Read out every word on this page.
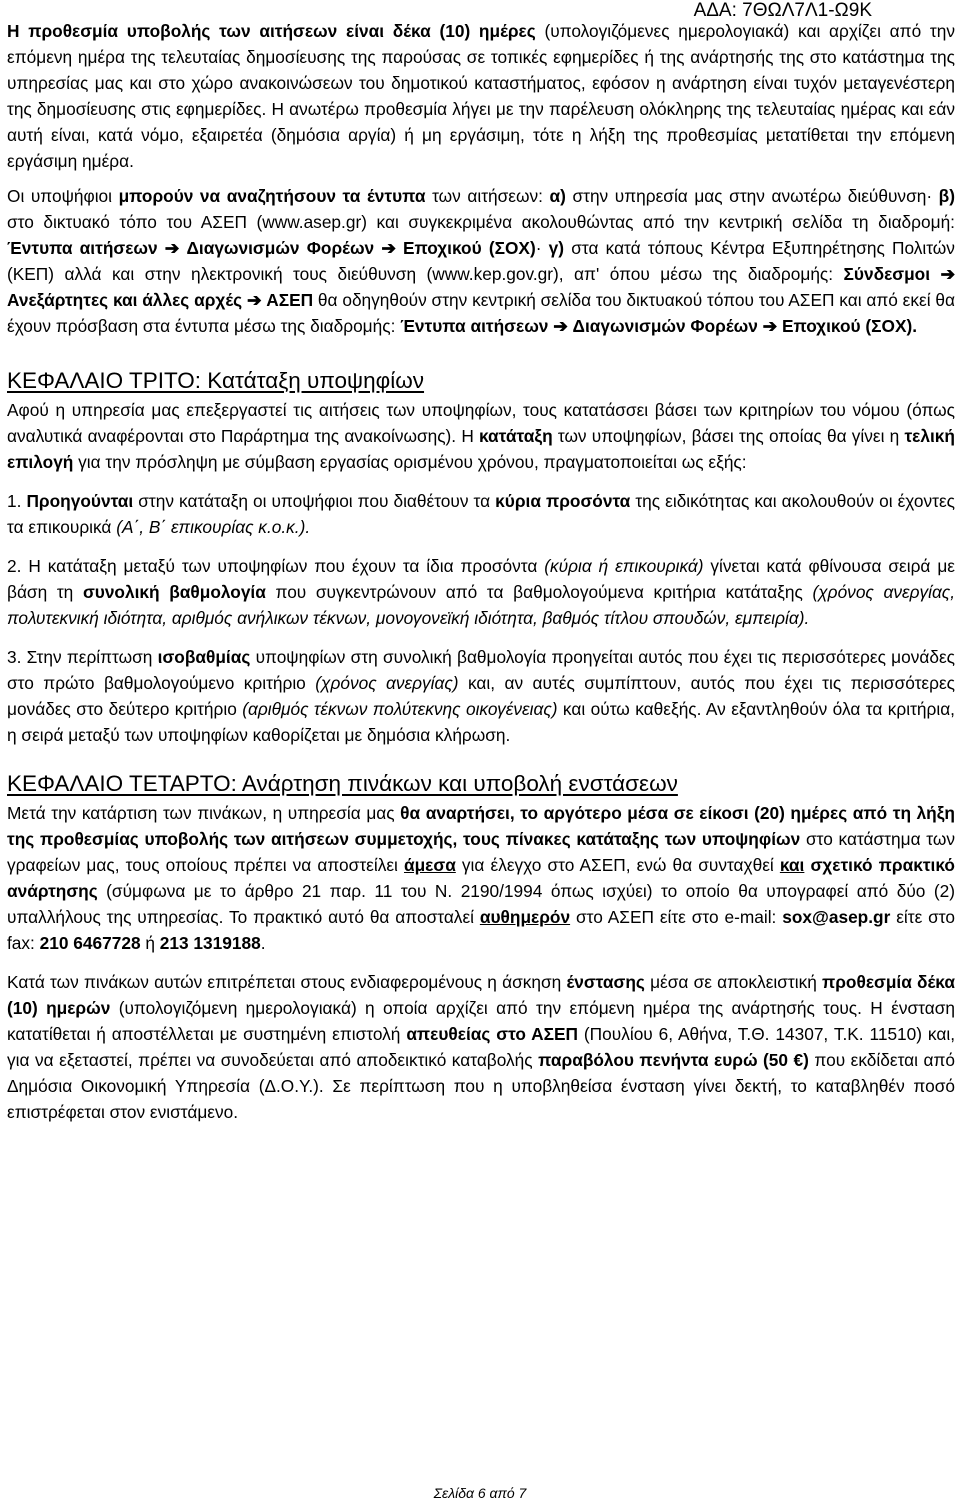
ΑΔΑ: 7ΘΩΛ7Λ1-Ω9Κ

Η προθεσμία υποβολής των αιτήσεων είναι δέκα (10) ημέρες (υπολογιζόμενες ημερολογιακά) και αρχίζει από την επόμενη ημέρα της τελευταίας δημοσίευσης της παρούσας σε τοπικές εφημερίδες ή της ανάρτησής της στο κατάστημα της υπηρεσίας μας και στο χώρο ανακοινώσεων του δημοτικού καταστήματος, εφόσον η ανάρτηση είναι τυχόν μεταγενέστερη της δημοσίευσης στις εφημερίδες. Η ανωτέρω προθεσμία λήγει με την παρέλευση ολόκληρης της τελευταίας ημέρας και εάν αυτή είναι, κατά νόμο, εξαιρετέα (δημόσια αργία) ή μη εργάσιμη, τότε η λήξη της προθεσμίας μετατίθεται την επόμενη εργάσιμη ημέρα.

Οι υποψήφιοι μπορούν να αναζητήσουν τα έντυπα των αιτήσεων: α) στην υπηρεσία μας στην ανωτέρω διεύθυνση· β) στο δικτυακό τόπο του ΑΣΕΠ (www.asep.gr) και συγκεκριμένα ακολουθώντας από την κεντρική σελίδα τη διαδρομή: Έντυπα αιτήσεων ➔ Διαγωνισμών Φορέων ➔ Εποχικού (ΣΟΧ)· γ) στα κατά τόπους Κέντρα Εξυπηρέτησης Πολιτών (ΚΕΠ) αλλά και στην ηλεκτρονική τους διεύθυνση (www.kep.gov.gr), απ' όπου μέσω της διαδρομής: Σύνδεσμοι ➔ Ανεξάρτητες και άλλες αρχές ➔ ΑΣΕΠ θα οδηγηθούν στην κεντρική σελίδα του δικτυακού τόπου του ΑΣΕΠ και από εκεί θα έχουν πρόσβαση στα έντυπα μέσω της διαδρομής: Έντυπα αιτήσεων ➔ Διαγωνισμών Φορέων ➔ Εποχικού (ΣΟΧ).

ΚΕΦΑΛΑΙΟ ΤΡΙΤΟ: Κατάταξη υποψηφίων

Αφού η υπηρεσία μας επεξεργαστεί τις αιτήσεις των υποψηφίων, τους κατατάσσει βάσει των κριτηρίων του νόμου (όπως αναλυτικά αναφέρονται στο Παράρτημα της ανακοίνωσης). Η κατάταξη των υποψηφίων, βάσει της οποίας θα γίνει η τελική επιλογή για την πρόσληψη με σύμβαση εργασίας ορισμένου χρόνου, πραγματοποιείται ως εξής:

1. Προηγούνται στην κατάταξη οι υποψήφιοι που διαθέτουν τα κύρια προσόντα της ειδικότητας και ακολουθούν οι έχοντες τα επικουρικά (Α΄, Β΄ επικουρίας κ.ο.κ.).

2. Η κατάταξη μεταξύ των υποψηφίων που έχουν τα ίδια προσόντα (κύρια ή επικουρικά) γίνεται κατά φθίνουσα σειρά με βάση τη συνολική βαθμολογία που συγκεντρώνουν από τα βαθμολογούμενα κριτήρια κατάταξης (χρόνος ανεργίας, πολυτεκνική ιδιότητα, αριθμός ανήλικων τέκνων, μονογονεϊκή ιδιότητα, βαθμός τίτλου σπουδών, εμπειρία).

3. Στην περίπτωση ισοβαθμίας υποψηφίων στη συνολική βαθμολογία προηγείται αυτός που έχει τις περισσότερες μονάδες στο πρώτο βαθμολογούμενο κριτήριο (χρόνος ανεργίας) και, αν αυτές συμπίπτουν, αυτός που έχει τις περισσότερες μονάδες στο δεύτερο κριτήριο (αριθμός τέκνων πολύτεκνης οικογένειας) και ούτω καθεξής. Αν εξαντληθούν όλα τα κριτήρια, η σειρά μεταξύ των υποψηφίων καθορίζεται με δημόσια κλήρωση.

ΚΕΦΑΛΑΙΟ ΤΕΤΑΡΤΟ: Ανάρτηση πινάκων και υποβολή ενστάσεων

Μετά την κατάρτιση των πινάκων, η υπηρεσία μας θα αναρτήσει, το αργότερο μέσα σε είκοσι (20) ημέρες από τη λήξη της προθεσμίας υποβολής των αιτήσεων συμμετοχής, τους πίνακες κατάταξης των υποψηφίων στο κατάστημα των γραφείων μας, τους οποίους πρέπει να αποστείλει άμεσα για έλεγχο στο ΑΣΕΠ, ενώ θα συνταχθεί και σχετικό πρακτικό ανάρτησης (σύμφωνα με το άρθρο 21 παρ. 11 του Ν. 2190/1994 όπως ισχύει) το οποίο θα υπογραφεί από δύο (2) υπαλλήλους της υπηρεσίας. Το πρακτικό αυτό θα αποσταλεί αυθημερόν στο ΑΣΕΠ είτε στο e-mail: sox@asep.gr είτε στο fax: 210 6467728 ή 213 1319188.

Κατά των πινάκων αυτών επιτρέπεται στους ενδιαφερομένους η άσκηση ένστασης μέσα σε αποκλειστική προθεσμία δέκα (10) ημερών (υπολογιζόμενη ημερολογιακά) η οποία αρχίζει από την επόμενη ημέρα της ανάρτησής τους. Η ένσταση κατατίθεται ή αποστέλλεται με συστημένη επιστολή απευθείας στο ΑΣΕΠ (Πουλίου 6, Αθήνα, Τ.Θ. 14307, Τ.Κ. 11510) και, για να εξεταστεί, πρέπει να συνοδεύεται από αποδεικτικό καταβολής παραβόλου πενήντα ευρώ (50 €) που εκδίδεται από Δημόσια Οικονομική Υπηρεσία (Δ.Ο.Υ.). Σε περίπτωση που η υποβληθείσα ένσταση γίνει δεκτή, το καταβληθέν ποσό επιστρέφεται στον ενιστάμενο.

Σελίδα 6 από 7
